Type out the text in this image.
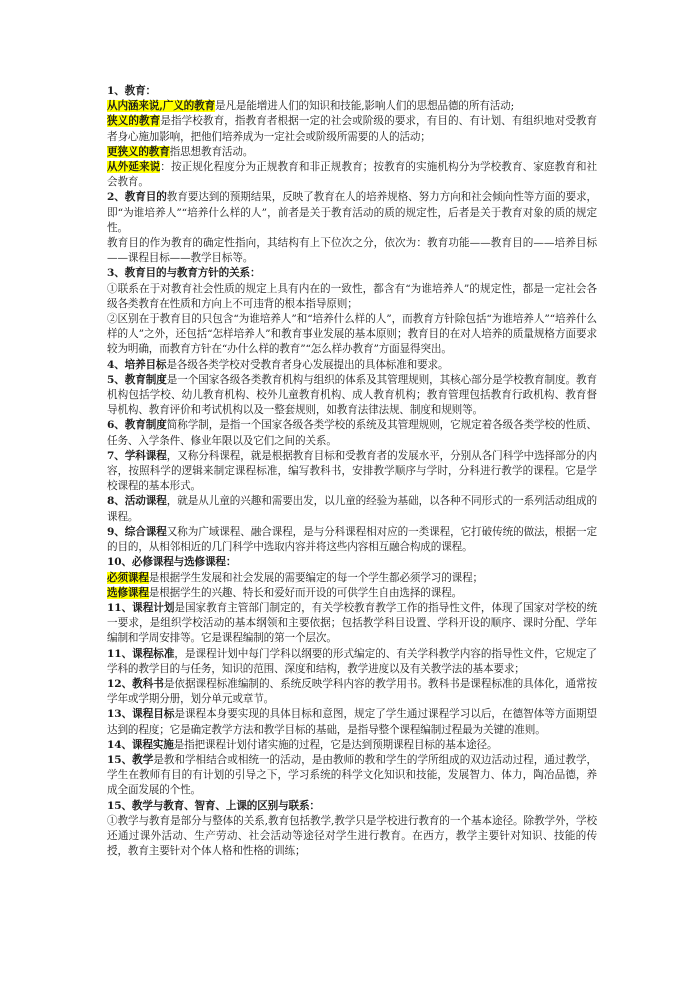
1、教育：

从内涵来说,广义的教育是凡是能增进人们的知识和技能,影响人们的思想品德的所有活动;

狭义的教育是指学校教育，指教育者根据一定的社会或阶级的要求，有目的、有计划、有组织地对受教育者身心施加影响，把他们培养成为一定社会或阶级所需要的人的活动；

更狭义的教育指思想教育活动。

从外延来说：按正规化程度分为正规教育和非正规教育；按教育的实施机构分为学校教育、家庭教育和社会教育。

2、教育目的教育要达到的预期结果，反映了教育在人的培养规格、努力方向和社会倾向性等方面的要求，即“为谁培养人”“培养什么样的人”，前者是关于教育活动的质的规定性，后者是关于教育对象的质的规定性。

教育目的作为教育的确定性指向，其结构有上下位次之分，依次为：教育功能——教育目的——培养目标——课程目标——教学目标等。

3、教育目的与教育方针的关系：

①联系在于对教育社会性质的规定上具有内在的一致性，都含有“为谁培养人”的规定性，都是一定社会各级各类教育在性质和方向上不可违背的根本指导原则；

②区别在于教育目的只包含“为谁培养人”和“培养什么样的人”，而教育方针除包括“为谁培养人”“培养什么样的人”之外，还包括“怎样培养人”和教育事业发展的基本原则；教育目的在对人培养的质量规格方面要求较为明确，而教育方针在“办什么样的教育”“怎么样办教育”方面显得突出。

4、培养目标是各级各类学校对受教育者身心发展提出的具体标准和要求。

5、教育制度是一个国家各级各类教育机构与组织的体系及其管理规则，其核心部分是学校教育制度。教育机构包括学校、幼儿教育机构、校外儿童教育机构、成人教育机构；教育管理包括教育行政机构、教育督导机构、教育评价和考试机构以及一整套规则，如教育法律法规、制度和规则等。

6、教育制度简称学制，是指一个国家各级各类学校的系统及其管理规则，它规定着各级各类学校的性质、任务、入学条件、修业年限以及它们之间的关系。

7、学科课程，又称分科课程，就是根据教育目标和受教育者的发展水平，分别从各门科学中选择部分的内容，按照科学的逻辑来制定课程标准，编写教科书，安排教学顺序与学时，分科进行教学的课程。它是学校课程的基本形式。

8、活动课程，就是从儿童的兴趣和需要出发，以儿童的经验为基础，以各种不同形式的一系列活动组成的课程。

9、综合课程又称为广域课程、融合课程，是与分科课程相对应的一类课程，它打破传统的做法，根据一定的目的，从相邻相近的几门科学中选取内容并将这些内容相互融合构成的课程。

10、必修课程与选修课程：

必须课程是根据学生发展和社会发展的需要编定的每一个学生都必须学习的课程；

选修课程是根据学生的兴趣、特长和爱好而开设的可供学生自由选择的课程。

11、课程计划是国家教育主管部门制定的，有关学校教育教学工作的指导性文件，体现了国家对学校的统一要求，是组织学校活动的基本纲领和主要依据；包括教学科目设置、学科开设的顺序、课时分配、学年编制和学周安排等。它是课程编制的第一个层次。

11、课程标准，是课程计划中每门学科以纲要的形式编定的、有关学科教学内容的指导性文件，它规定了学科的教学目的与任务，知识的范围、深度和结构，教学进度以及有关教学法的基本要求；

12、教科书是依据课程标准编制的、系统反映学科内容的教学用书。教科书是课程标准的具体化，通常按学年或学期分册，划分单元或章节。

13、课程目标是课程本身要实现的具体目标和意图，规定了学生通过课程学习以后，在德智体等方面期望达到的程度；它是确定教学方法和教学目标的基础，是指导整个课程编制过程最为关键的准则。

14、课程实施是指把课程计划付诸实施的过程，它是达到预期课程目标的基本途径。

15、教学是教和学相结合或相统一的活动，是由教师的教和学生的学所组成的双边活动过程，通过教学，学生在教师有目的有计划的引导之下，学习系统的科学文化知识和技能，发展智力、体力，陶冶品德，养成全面发展的个性。

15、教学与教育、智育、上课的区别与联系：

①教学与教育是部分与整体的关系,教育包括教学,教学只是学校进行教育的一个基本途径。除教学外，学校还通过课外活动、生产劳动、社会活动等途径对学生进行教育。在西方，教学主要针对知识、技能的传授，教育主要针对个体人格和性格的训练；
